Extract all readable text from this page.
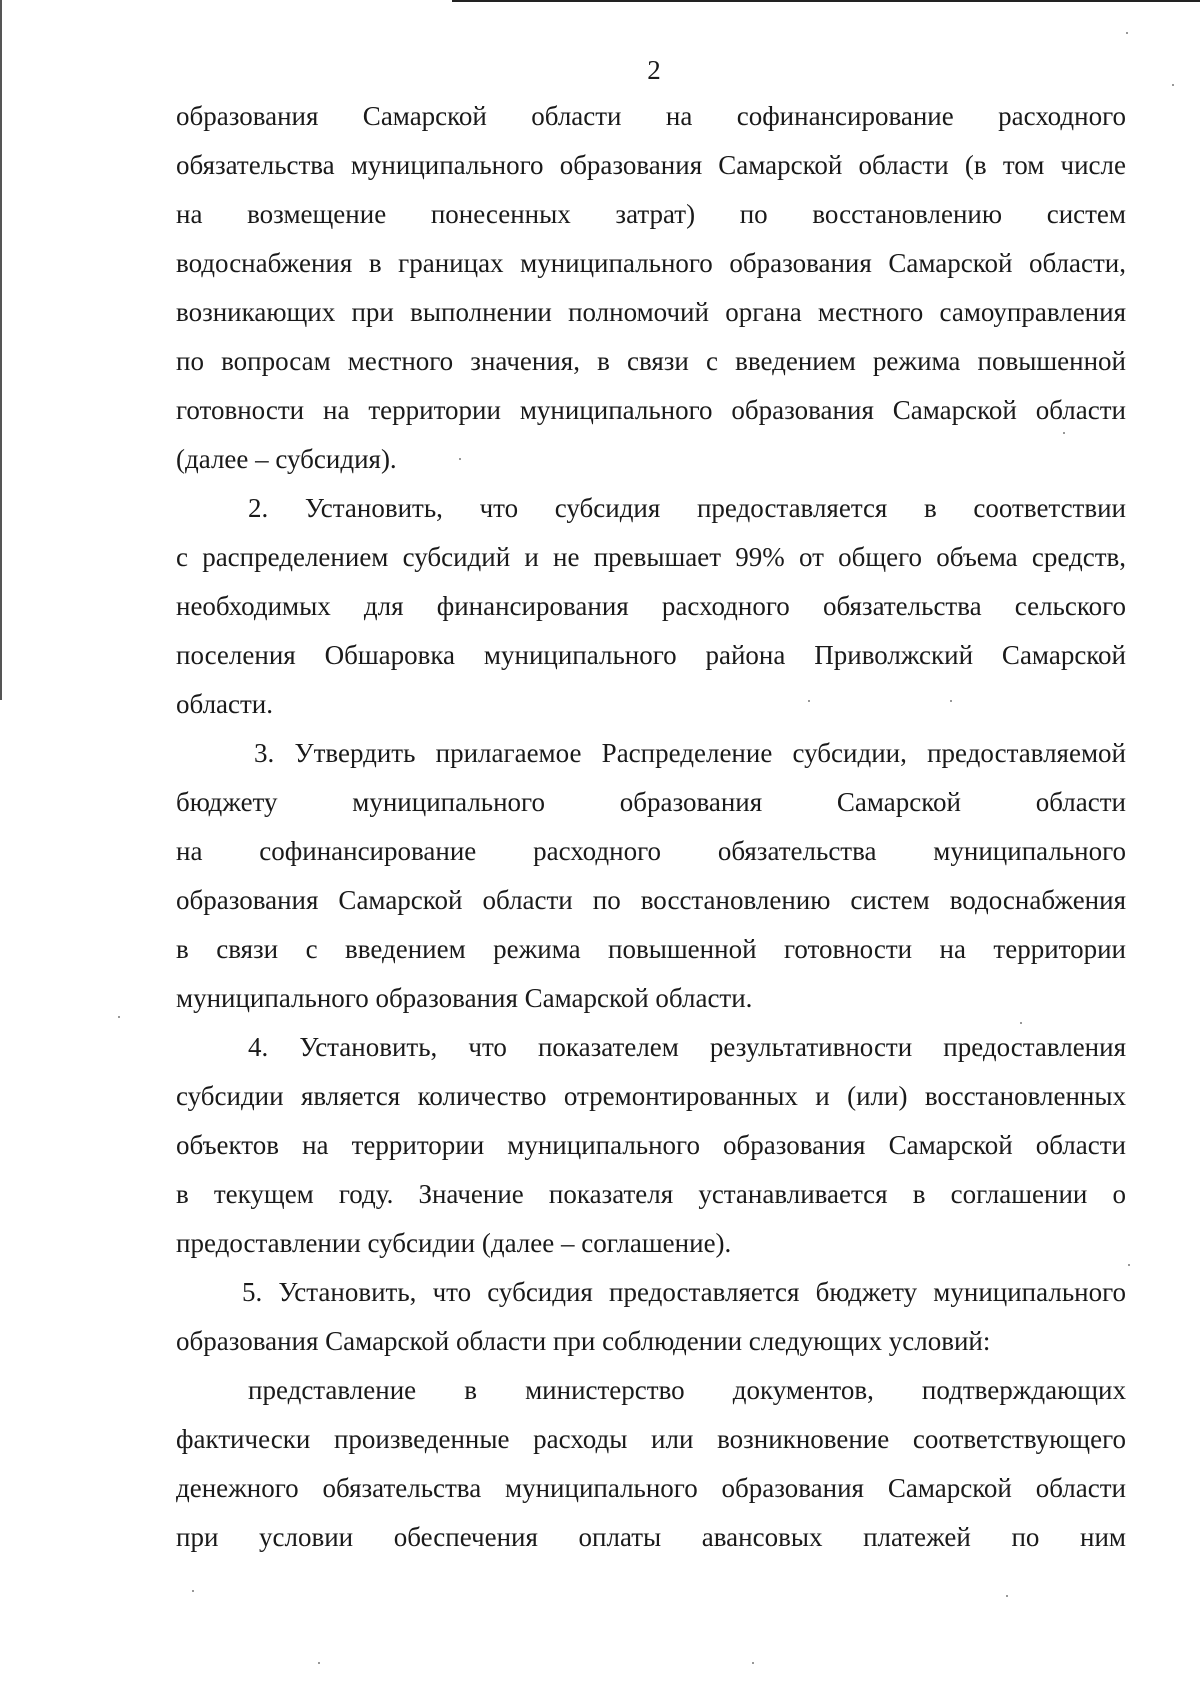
2
образования Самарской области на софинансирование расходного
обязательства муниципального образования Самарской области (в том числе
на возмещение понесенных затрат) по восстановлению систем
водоснабжения в границах муниципального образования Самарской области,
возникающих при выполнении полномочий органа местного самоуправления
по вопросам местного значения, в связи с введением режима повышенной
готовности на территории муниципального образования Самарской области
(далее – субсидия).
2. Установить, что субсидия предоставляется в соответствии
с распределением субсидий и не превышает 99% от общего объема средств,
необходимых для финансирования расходного обязательства сельского
поселения Обшаровка муниципального района Приволжский Самарской
области.
3. Утвердить прилагаемое Распределение субсидии, предоставляемой
бюджету муниципального образования Самарской области
на софинансирование расходного обязательства муниципального
образования Самарской области по восстановлению систем водоснабжения
в связи с введением режима повышенной готовности на территории
муниципального образования Самарской области.
4. Установить, что показателем результативности предоставления
субсидии является количество отремонтированных и (или) восстановленных
объектов на территории муниципального образования Самарской области
в текущем году. Значение показателя устанавливается в соглашении о
предоставлении субсидии (далее – соглашение).
5. Установить, что субсидия предоставляется бюджету муниципального
образования Самарской области при соблюдении следующих условий:
представление в министерство документов, подтверждающих
фактически произведенные расходы или возникновение соответствующего
денежного обязательства муниципального образования Самарской области
при условии обеспечения оплаты авансовых платежей по ним
